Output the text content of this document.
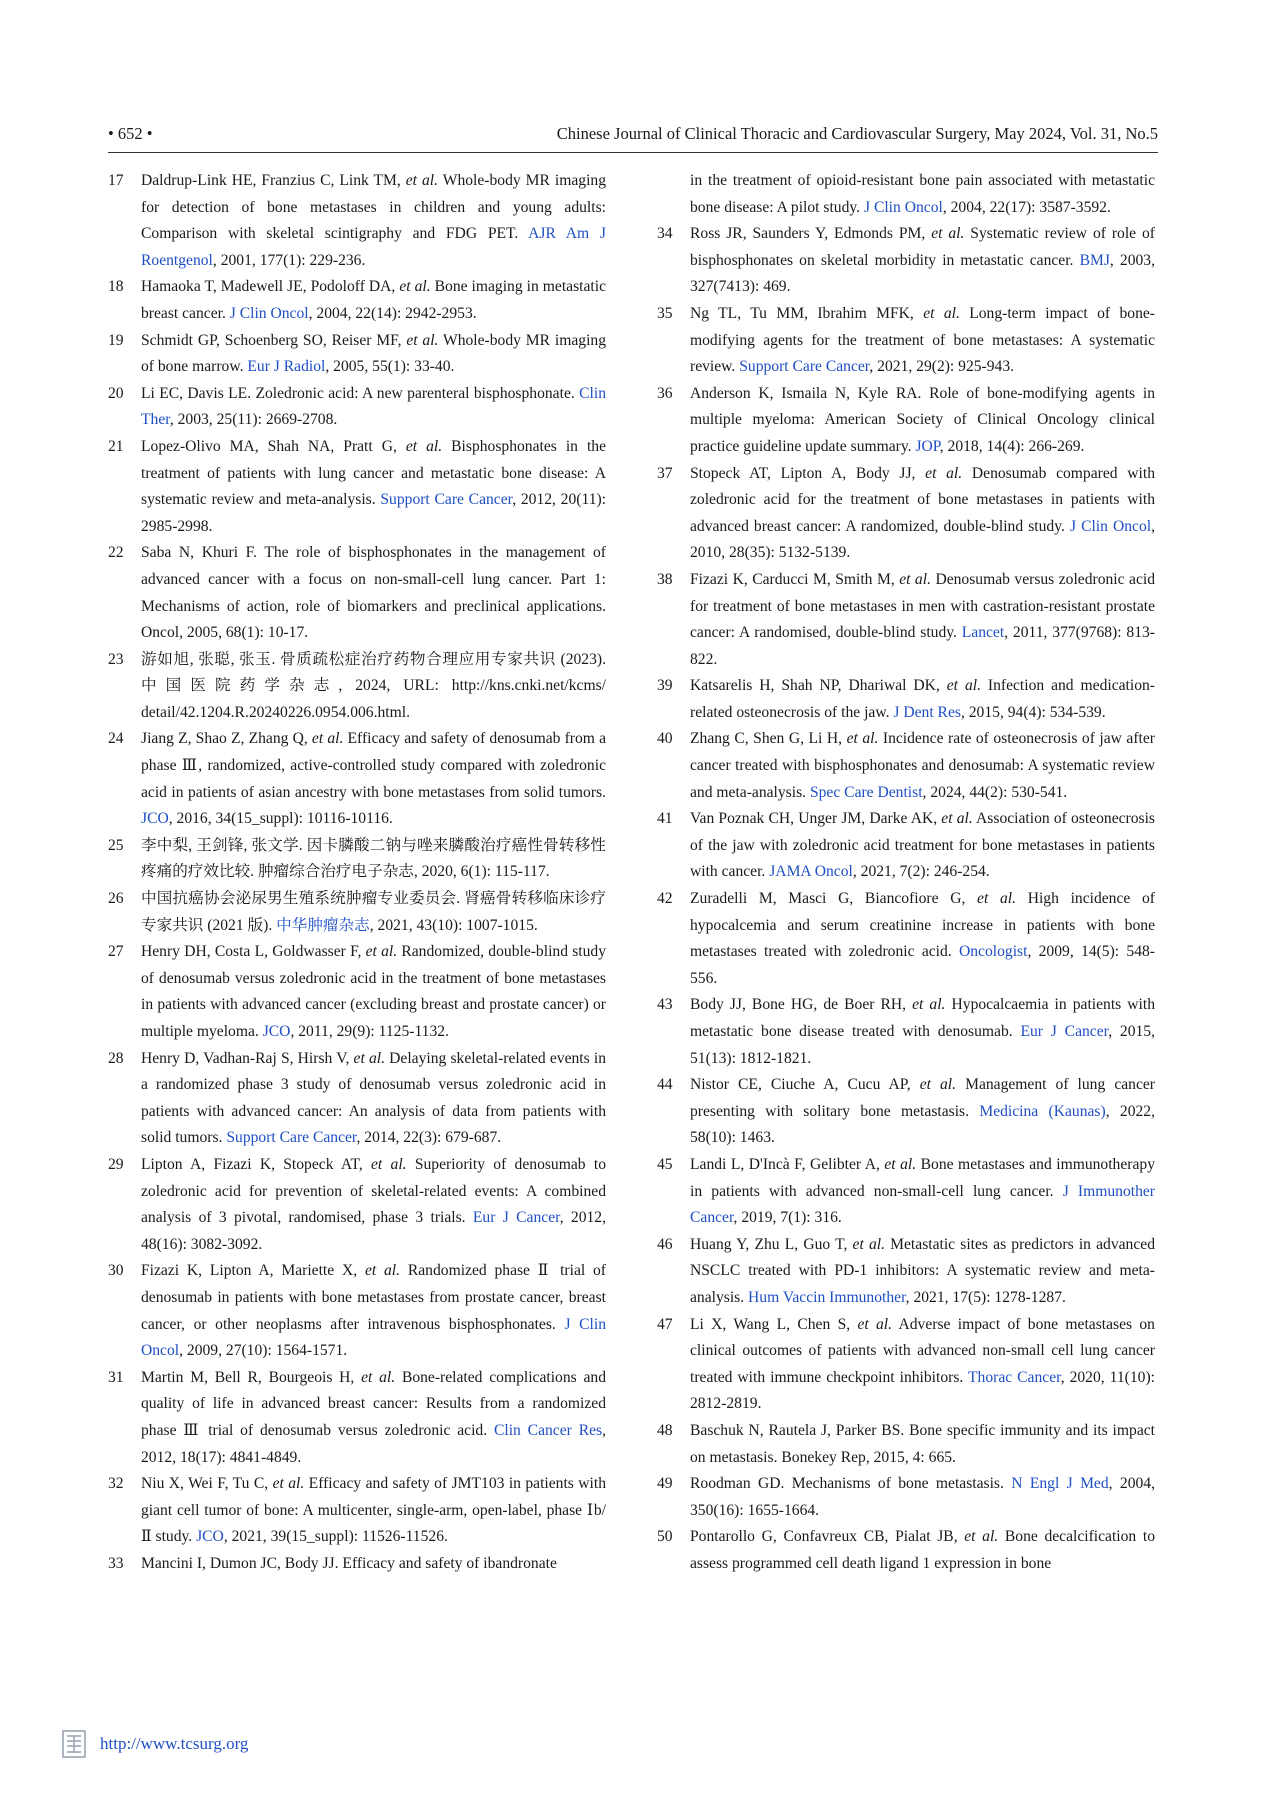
• 652 •	Chinese Journal of Clinical Thoracic and Cardiovascular Surgery, May 2024, Vol. 31, No.5

17 Daldrup-Link HE, Franzius C, Link TM, et al. Whole-body MR imaging for detection of bone metastases in children and young adults: Comparison with skeletal scintigraphy and FDG PET. AJR Am J Roentgenol, 2001, 177(1): 229-236.

18 Hamaoka T, Madewell JE, Podoloff DA, et al. Bone imaging in metastatic breast cancer. J Clin Oncol, 2004, 22(14): 2942-2953.

19 Schmidt GP, Schoenberg SO, Reiser MF, et al. Whole-body MR imaging of bone marrow. Eur J Radiol, 2005, 55(1): 33-40.

20 Li EC, Davis LE. Zoledronic acid: A new parenteral bisphosphonate. Clin Ther, 2003, 25(11): 2669-2708.

21 Lopez-Olivo MA, Shah NA, Pratt G, et al. Bisphosphonates in the treatment of patients with lung cancer and metastatic bone disease: A systematic review and meta-analysis. Support Care Cancer, 2012, 20(11): 2985-2998.

22 Saba N, Khuri F. The role of bisphosphonates in the management of advanced cancer with a focus on non-small-cell lung cancer. Part 1: Mechanisms of action, role of biomarkers and preclinical applications. Oncol, 2005, 68(1): 10-17.

23 游如旭, 张聪, 张玉. 骨质疏松症治疗药物合理应用专家共识 (2023). 中国医院药学杂志, 2024, URL: http://kns.cnki.net/kcms/ detail/42.1204.R.20240226.0954.006.html.

24 Jiang Z, Shao Z, Zhang Q, et al. Efficacy and safety of denosumab from a phase Ⅲ, randomized, active-controlled study compared with zoledronic acid in patients of asian ancestry with bone metastases from solid tumors. JCO, 2016, 34(15_suppl): 10116-10116.

25 李中梨, 王剑锋, 张文学. 因卡膦酸二钠与唑来膦酸治疗癌性骨转移性疼痛的疗效比较. 肿瘤综合治疗电子杂志, 2020, 6(1): 115-117.

26 中国抗癌协会泌尿男生殖系统肿瘤专业委员会. 肾癌骨转移临床诊疗专家共识 (2021 版). 中华肿瘤杂志, 2021, 43(10): 1007-1015.

27 Henry DH, Costa L, Goldwasser F, et al. Randomized, double-blind study of denosumab versus zoledronic acid in the treatment of bone metastases in patients with advanced cancer (excluding breast and prostate cancer) or multiple myeloma. JCO, 2011, 29(9): 1125-1132.

28 Henry D, Vadhan-Raj S, Hirsh V, et al. Delaying skeletal-related events in a randomized phase 3 study of denosumab versus zoledronic acid in patients with advanced cancer: An analysis of data from patients with solid tumors. Support Care Cancer, 2014, 22(3): 679-687.

29 Lipton A, Fizazi K, Stopeck AT, et al. Superiority of denosumab to zoledronic acid for prevention of skeletal-related events: A combined analysis of 3 pivotal, randomised, phase 3 trials. Eur J Cancer, 2012, 48(16): 3082-3092.

30 Fizazi K, Lipton A, Mariette X, et al. Randomized phase Ⅱ trial of denosumab in patients with bone metastases from prostate cancer, breast cancer, or other neoplasms after intravenous bisphosphonates. J Clin Oncol, 2009, 27(10): 1564-1571.

31 Martin M, Bell R, Bourgeois H, et al. Bone-related complications and quality of life in advanced breast cancer: Results from a randomized phase Ⅲ trial of denosumab versus zoledronic acid. Clin Cancer Res, 2012, 18(17): 4841-4849.

32 Niu X, Wei F, Tu C, et al. Efficacy and safety of JMT103 in patients with giant cell tumor of bone: A multicenter, single-arm, open-label, phase Ⅰb/Ⅱ study. JCO, 2021, 39(15_suppl): 11526-11526.

33 Mancini I, Dumon JC, Body JJ. Efficacy and safety of ibandronate

in the treatment of opioid-resistant bone pain associated with metastatic bone disease: A pilot study. J Clin Oncol, 2004, 22(17): 3587-3592.

34 Ross JR, Saunders Y, Edmonds PM, et al. Systematic review of role of bisphosphonates on skeletal morbidity in metastatic cancer. BMJ, 2003, 327(7413): 469.

35 Ng TL, Tu MM, Ibrahim MFK, et al. Long-term impact of bone-modifying agents for the treatment of bone metastases: A systematic review. Support Care Cancer, 2021, 29(2): 925-943.

36 Anderson K, Ismaila N, Kyle RA. Role of bone-modifying agents in multiple myeloma: American Society of Clinical Oncology clinical practice guideline update summary. JOP, 2018, 14(4): 266-269.

37 Stopeck AT, Lipton A, Body JJ, et al. Denosumab compared with zoledronic acid for the treatment of bone metastases in patients with advanced breast cancer: A randomized, double-blind study. J Clin Oncol, 2010, 28(35): 5132-5139.

38 Fizazi K, Carducci M, Smith M, et al. Denosumab versus zoledronic acid for treatment of bone metastases in men with castration-resistant prostate cancer: A randomised, double-blind study. Lancet, 2011, 377(9768): 813-822.

39 Katsarelis H, Shah NP, Dhariwal DK, et al. Infection and medication-related osteonecrosis of the jaw. J Dent Res, 2015, 94(4): 534-539.

40 Zhang C, Shen G, Li H, et al. Incidence rate of osteonecrosis of jaw after cancer treated with bisphosphonates and denosumab: A systematic review and meta-analysis. Spec Care Dentist, 2024, 44(2): 530-541.

41 Van Poznak CH, Unger JM, Darke AK, et al. Association of osteonecrosis of the jaw with zoledronic acid treatment for bone metastases in patients with cancer. JAMA Oncol, 2021, 7(2): 246-254.

42 Zuradelli M, Masci G, Biancofiore G, et al. High incidence of hypocalcemia and serum creatinine increase in patients with bone metastases treated with zoledronic acid. Oncologist, 2009, 14(5): 548-556.

43 Body JJ, Bone HG, de Boer RH, et al. Hypocalcaemia in patients with metastatic bone disease treated with denosumab. Eur J Cancer, 2015, 51(13): 1812-1821.

44 Nistor CE, Ciuche A, Cucu AP, et al. Management of lung cancer presenting with solitary bone metastasis. Medicina (Kaunas), 2022, 58(10): 1463.

45 Landi L, D'Incà F, Gelibter A, et al. Bone metastases and immunotherapy in patients with advanced non-small-cell lung cancer. J Immunother Cancer, 2019, 7(1): 316.

46 Huang Y, Zhu L, Guo T, et al. Metastatic sites as predictors in advanced NSCLC treated with PD-1 inhibitors: A systematic review and meta-analysis. Hum Vaccin Immunother, 2021, 17(5): 1278-1287.

47 Li X, Wang L, Chen S, et al. Adverse impact of bone metastases on clinical outcomes of patients with advanced non-small cell lung cancer treated with immune checkpoint inhibitors. Thorac Cancer, 2020, 11(10): 2812-2819.

48 Baschuk N, Rautela J, Parker BS. Bone specific immunity and its impact on metastasis. Bonekey Rep, 2015, 4: 665.

49 Roodman GD. Mechanisms of bone metastasis. N Engl J Med, 2004, 350(16): 1655-1664.

50 Pontarollo G, Confavreux CB, Pialat JB, et al. Bone decalcification to assess programmed cell death ligand 1 expression in bone

http://www.tcsurg.org
